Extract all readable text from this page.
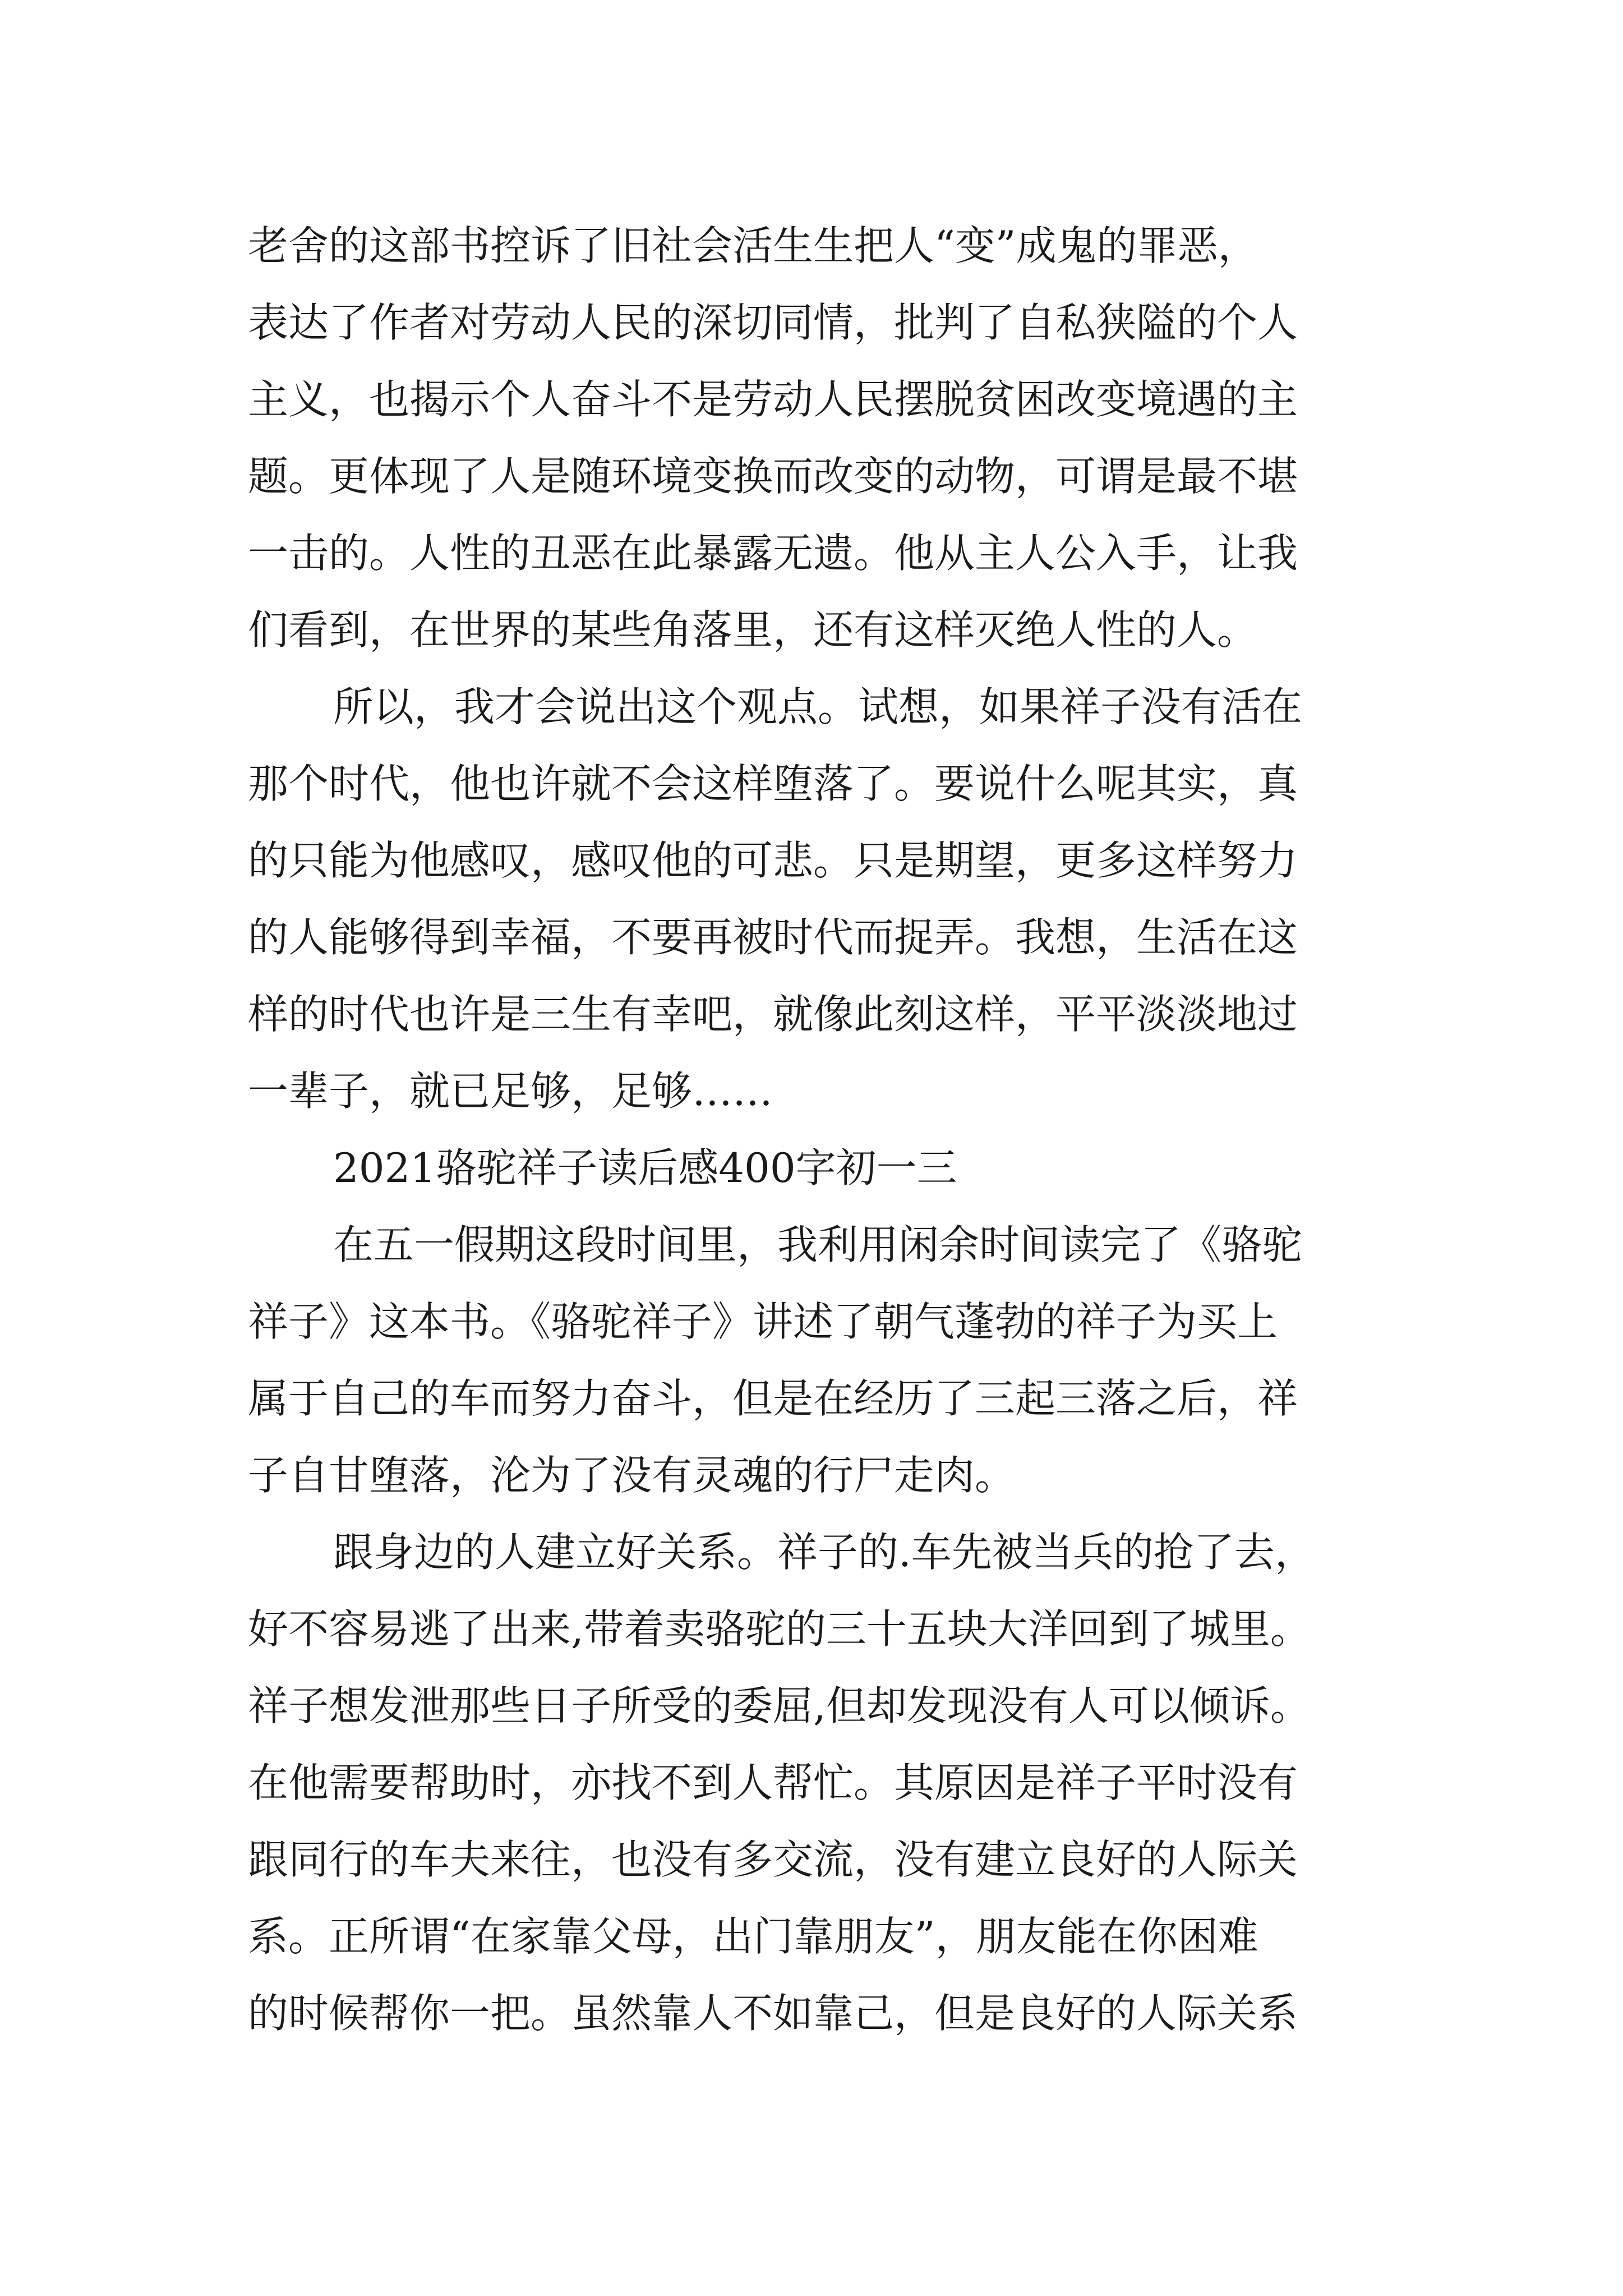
老舍的这部书控诉了旧社会活生生把人“变”成鬼的罪恶，
表达了作者对劳动人民的深切同情，批判了自私狭隘的个人
主义，也揭示个人奋斗不是劳动人民摆脱贫困改变境遇的主
题。更体现了人是随环境变换而改变的动物，可谓是最不堪
一击的。人性的丑恶在此暴露无遗。他从主人公入手，让我
们看到，在世界的某些角落里，还有这样灭绝人性的人。
所以，我才会说出这个观点。试想，如果祥子没有活在
那个时代，他也许就不会这样堕落了。要说什么呢其实，真
的只能为他感叹，感叹他的可悲。只是期望，更多这样努力
的人能够得到幸福，不要再被时代而捉弄。我想，生活在这
样的时代也许是三生有幸吧，就像此刻这样，平平淡淡地过
一辈子，就已足够，足够……
2021骆驼祥子读后感400字初一三
在五一假期这段时间里，我利用闲余时间读完了《骆驼
祥子》这本书。《骆驼祥子》讲述了朝气蓬勃的祥子为买上
属于自己的车而努力奋斗，但是在经历了三起三落之后，祥
子自甘堕落，沦为了没有灵魂的行尸走肉。
跟身边的人建立好关系。祥子的.车先被当兵的抢了去，
好不容易逃了出来,带着卖骆驼的三十五块大洋回到了城里。
祥子想发泄那些日子所受的委屈,但却发现没有人可以倾诉。
在他需要帮助时，亦找不到人帮忙。其原因是祥子平时没有
跟同行的车夫来往，也没有多交流，没有建立良好的人际关
系。正所谓“在家靠父母，出门靠朋友”，朋友能在你困难
的时候帮你一把。虽然靠人不如靠己，但是良好的人际关系
